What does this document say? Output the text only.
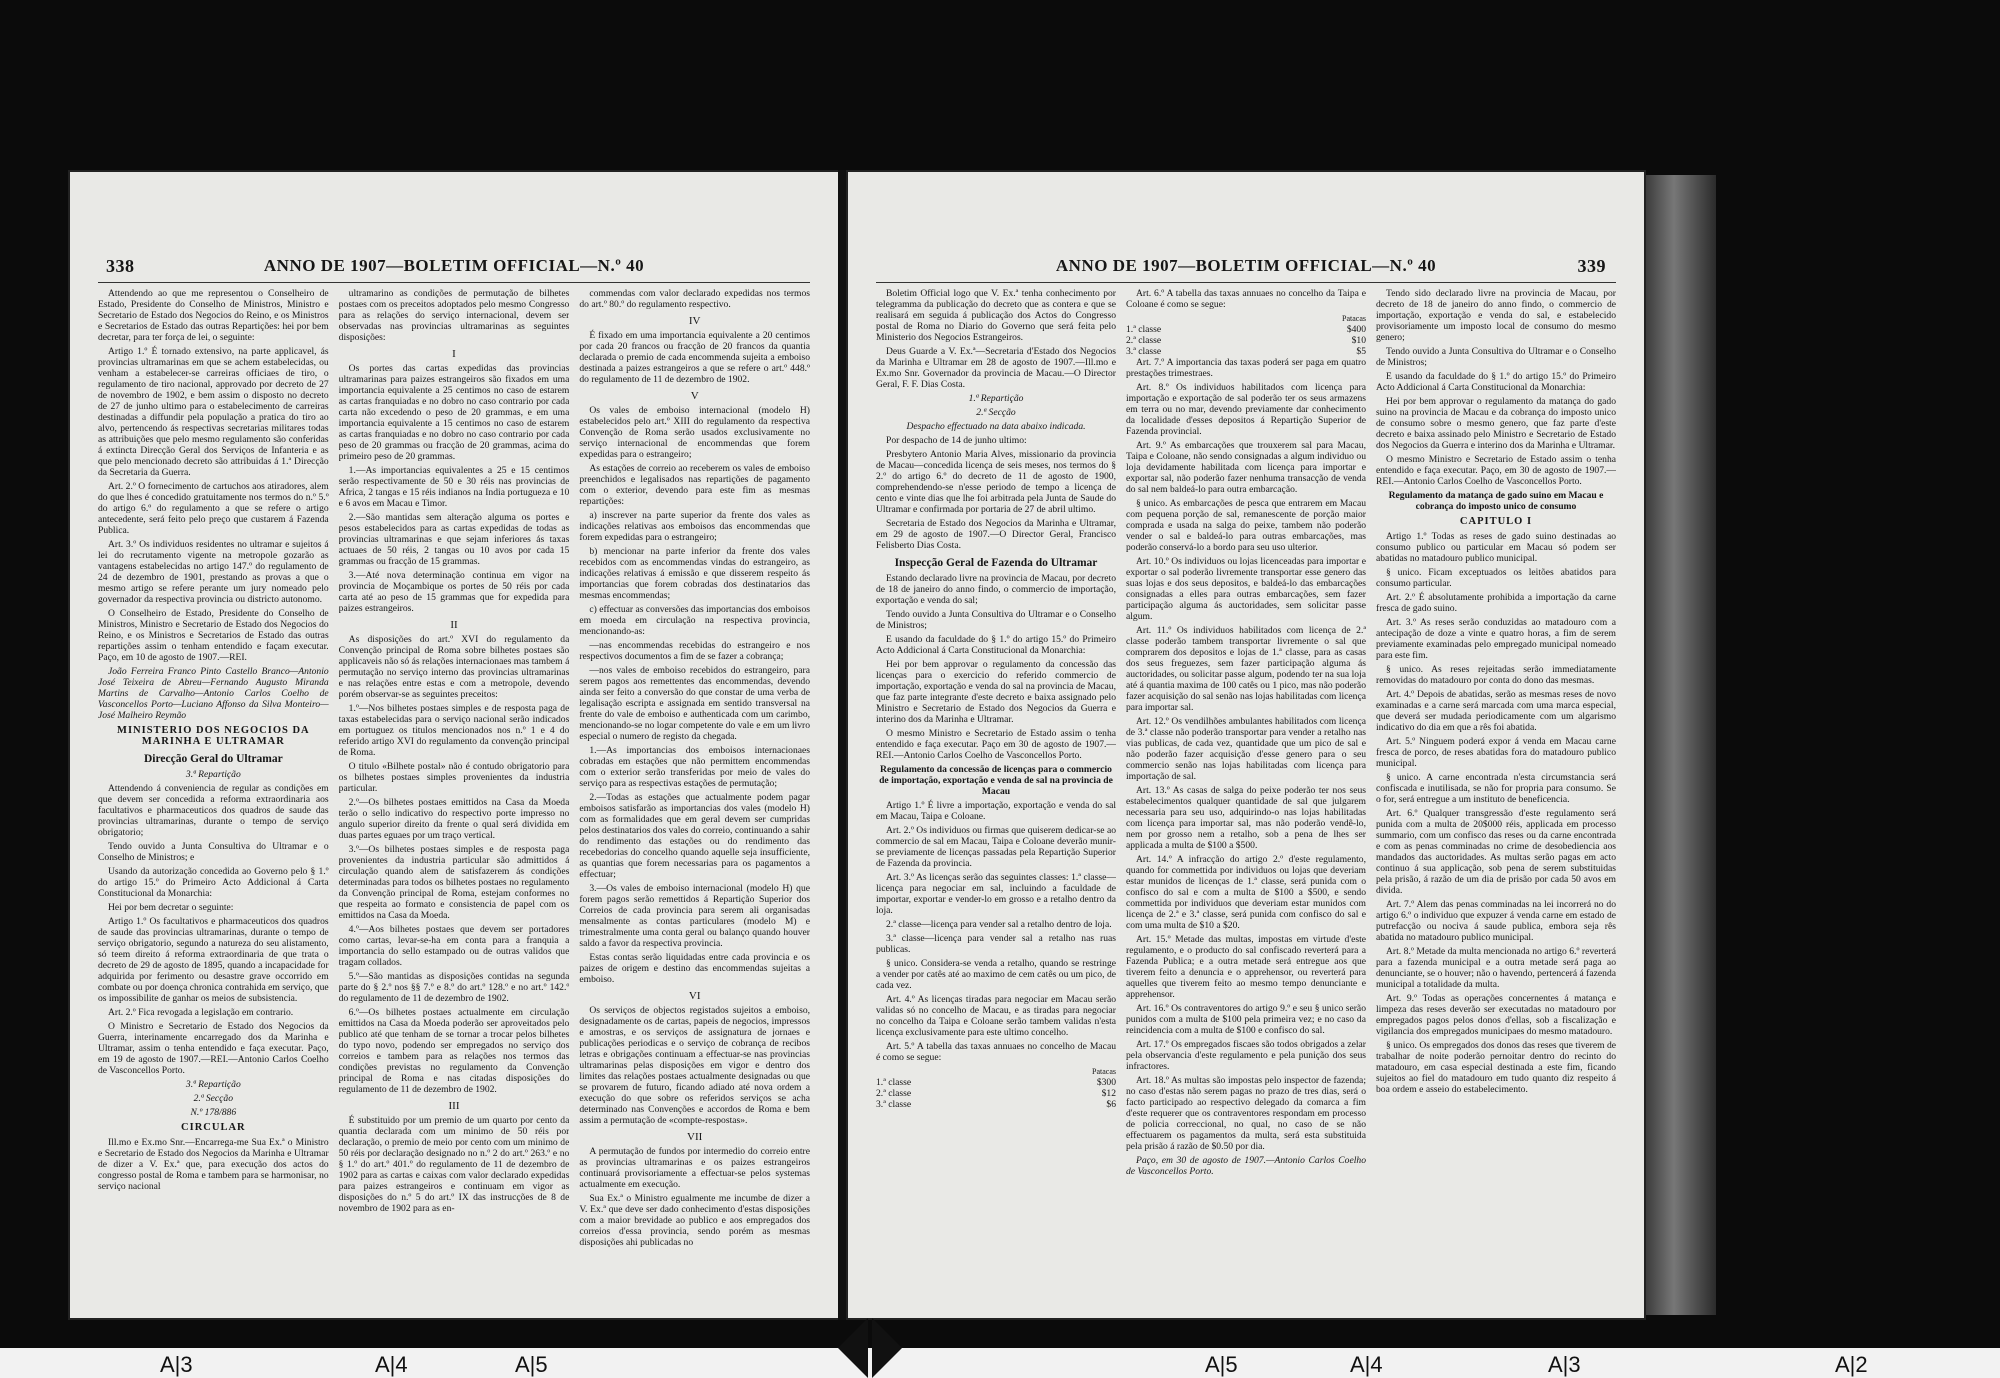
338	ANNO DE 1907—BOLETIM OFFICIAL—N.º 40

Attendendo ao que me representou o Conselheiro de Estado, Presidente do Conselho de Ministros, Ministro e Secretario de Estado dos Negocios do Reino, e os Ministros e Secretarios de Estado das outras Repartições: hei por bem decretar, para ter força de lei, o seguinte:

Artigo 1.º É tornado extensivo, na parte applicavel, ás provincias ultramarinas em que se achem estabelecidas, ou venham a estabelecer-se carreiras officiaes de tiro, o regulamento de tiro nacional, approvado por decreto de 27 de novembro de 1902, e bem assim o disposto no decreto de 27 de junho ultimo para o estabelecimento de carreiras destinadas a diffundir pela população a pratica do tiro ao alvo, pertencendo ás respectivas secretarias militares todas as attribuições que pelo mesmo regulamento são conferidas á extincta Direcção Geral dos Serviços de Infanteria e as que pelo mencionado decreto são attribuidas á 1.ª Direcção da Secretaria da Guerra.

Art. 2.º O fornecimento de cartuchos aos atiradores, alem do que lhes é concedido gratuitamente nos termos do n.º 5.º do artigo 6.º do regulamento a que se refere o artigo antecedente, será feito pelo preço que custarem á Fazenda Publica.

Art. 3.º Os individuos residentes no ultramar e sujeitos á lei do recrutamento vigente na metropole gozarão as vantagens estabelecidas no artigo 147.º do regulamento de 24 de dezembro de 1901, prestando as provas a que o mesmo artigo se refere perante um jury nomeado pelo governador da respectiva provincia ou districto autonomo.

O Conselheiro de Estado, Presidente do Conselho de Ministros, Ministro e Secretario de Estado dos Negocios do Reino, e os Ministros e Secretarios de Estado das outras repartições assim o tenham entendido e façam executar. Paço, em 10 de agosto de 1907.—REI.

João Ferreira Franco Pinto Castello Branco—Antonio José Teixeira de Abreu—Fernando Augusto Miranda Martins de Carvalho—Antonio Carlos Coelho de Vasconcellos Porto—Luciano Affonso da Silva Monteiro—José Malheiro Reymão

MINISTERIO DOS NEGOCIOS DA MARINHA E ULTRAMAR
Direcção Geral do Ultramar
3.ª Repartição

Attendendo á conveniencia de regular as condições em que devem ser concedida a reforma extraordinaria aos facultativos e pharmaceuticos dos quadros de saude das provincias ultramarinas, durante o tempo de serviço obrigatorio;

Tendo ouvido a Junta Consultiva do Ultramar e o Conselho de Ministros; e

Usando da autorização concedida ao Governo pelo § 1.º do artigo 15.º do Primeiro Acto Addicional á Carta Constitucional da Monarchia:

Hei por bem decretar o seguinte:

Artigo 1.º Os facultativos e pharmaceuticos dos quadros de saude das provincias ultramarinas, durante o tempo de serviço obrigatorio, segundo a natureza do seu alistamento, só teem direito á reforma extraordinaria de que trata o decreto de 29 de agosto de 1895, quando a incapacidade for adquirida por ferimento ou desastre grave occorrido em combate ou por doença chronica contrahida em serviço, que os impossibilite de ganhar os meios de subsistencia.

Art. 2.º Fica revogada a legislação em contrario.

O Ministro e Secretario de Estado dos Negocios da Guerra, interinamente encarregado dos da Marinha e Ultramar, assim o tenha entendido e faça executar. Paço, em 19 de agosto de 1907.—REI.—Antonio Carlos Coelho de Vasconcellos Porto.

3.ª Repartição
2.ª Secção
N.º 178/886
CIRCULAR

Ill.mo e Ex.mo Snr.—Encarrega-me Sua Ex.ª o Ministro e Secretario de Estado dos Negocios da Marinha e Ultramar de dizer a V. Ex.ª que, para execução dos actos do congresso postal de Roma e tambem para se harmonisar, no serviço nacional

ultramarino as condições de permutação de bilhetes postaes com os preceitos adoptados pelo mesmo Congresso para as relações do serviço internacional, devem ser observadas nas provincias ultramarinas as seguintes disposições:

I

Os portes das cartas expedidas das provincias ultramarinas para paizes estrangeiros são fixados em uma importancia equivalente a 25 centimos no caso de estarem as cartas franquiadas e no dobro no caso contrario por cada carta não excedendo o peso de 20 grammas, e em uma importancia equivalente a 15 centimos no caso de estarem as cartas franquiadas e no dobro no caso contrario por cada peso de 20 grammas ou fracção de 20 grammas, acima do primeiro peso de 20 grammas.

1.—As importancias equivalentes a 25 e 15 centimos serão respectivamente de 50 e 30 réis nas provincias de Africa, 2 tangas e 15 réis indianos na India portugueza e 10 e 6 avos em Macau e Timor.

2.—São mantidas sem alteração alguma os portes e pesos estabelecidos para as cartas expedidas de todas as provincias ultramarinas e que sejam inferiores ás taxas actuaes de 50 réis, 2 tangas ou 10 avos por cada 15 grammas ou fracção de 15 grammas.

3.—Até nova determinação continua em vigor na provincia de Moçambique os portes de 50 réis por cada carta até ao peso de 15 grammas que for expedida para paizes estrangeiros.

II

As disposições do art.º XVI do regulamento da Convenção principal de Roma sobre bilhetes postaes são applicaveis não só ás relações internacionaes mas tambem á permutação no serviço interno das provincias ultramarinas e nas relações entre estas e com a metropole, devendo porém observar-se as seguintes preceitos:

1.º—Nos bilhetes postaes simples e de resposta paga de taxas estabelecidas para o serviço nacional serão indicados em portuguez os titulos mencionados nos n.º 1 e 4 do referido artigo XVI do regulamento da convenção principal de Roma.

O titulo «Bilhete postal» não é contudo obrigatorio para os bilhetes postaes simples provenientes da industria particular.

2.º—Os bilhetes postaes emittidos na Casa da Moeda terão o sello indicativo do respectivo porte impresso no angulo superior direito da frente o qual será dividida em duas partes eguaes por um traço vertical.

3.º—Os bilhetes postaes simples e de resposta paga provenientes da industria particular são admittidos á circulação quando alem de satisfazerem ás condições determinadas para todos os bilhetes postaes no regulamento da Convenção principal de Roma, estejam conformes no que respeita ao formato e consistencia de papel com os emittidos na Casa da Moeda.

4.º—Aos bilhetes postaes que devem ser portadores como cartas, levar-se-ha em conta para a franquia a importancia do sello estampado ou de outras validos que tragam collados.

5.º—São mantidas as disposições contidas na segunda parte do § 2.º nos §§ 7.º e 8.º do art.º 128.º e no art.º 142.º do regulamento de 11 de dezembro de 1902.

6.º—Os bilhetes postaes actualmente em circulação emittidos na Casa da Moeda poderão ser aproveitados pelo publico até que tenham de se tornar a trocar pelos bilhetes do typo novo, podendo ser empregados no serviço dos correios e tambem para as relações nos termos das condições previstas no regulamento da Convenção principal de Roma e nas citadas disposições do regulamento de 11 de dezembro de 1902.

III

É substituido por um premio de um quarto por cento da quantia declarada com um minimo de 50 réis por declaração, o premio de meio por cento com um minimo de 50 réis por declaração designado no n.º 2 do art.º 263.º e no § 1.º do art.º 401.º do regulamento de 11 de dezembro de 1902 para as cartas e caixas com valor declarado expedidas para paizes estrangeiros e continuam em vigor as disposições do n.º 5 do art.º IX das instrucções de 8 de novembro de 1902 para as en-

commendas com valor declarado expedidas nos termos do art.º 80.º do regulamento respectivo.

IV

É fixado em uma importancia equivalente a 20 centimos por cada 20 francos ou fracção de 20 francos da quantia declarada o premio de cada encommenda sujeita a emboiso destinada a paizes estrangeiros a que se refere o art.º 448.º do regulamento de 11 de dezembro de 1902.

V

Os vales de emboiso internacional (modelo H) estabelecidos pelo art.º XIII do regulamento da respectiva Convenção de Roma serão usados exclusivamente no serviço internacional de encommendas que forem expedidas para o estrangeiro;

As estações de correio ao receberem os vales de emboiso preenchidos e legalisados nas repartições de pagamento com o exterior, devendo para este fim as mesmas repartições:

a) inscrever na parte superior da frente dos vales as indicações relativas aos emboisos das encommendas que forem expedidas para o estrangeiro;

b) mencionar na parte inferior da frente dos vales recebidos com as encommendas vindas do estrangeiro, as indicações relativas á emissão e que disserem respeito ás importancias que forem cobradas dos destinatarios das mesmas encommendas;

c) effectuar as conversões das importancias dos emboisos em moeda em circulação na respectiva provincia, mencionando-as:

—nas encommendas recebidas do estrangeiro e nos respectivos documentos a fim de se fazer a cobrança;

—nos vales de emboiso recebidos do estrangeiro, para serem pagos aos remettentes das encommendas, devendo ainda ser feito a conversão do que constar de uma verba de legalisação escripta e assignada em sentido transversal na frente do vale de emboiso e authenticada com um carimbo, mencionando-se no logar competente do vale e em um livro especial o numero de registo da chegada.

1.—As importancias dos emboisos internacionaes cobradas em estações que não permittem encommendas com o exterior serão transferidas por meio de vales do serviço para as respectivas estações de permutação;

2.—Todas as estações que actualmente podem pagar emboisos satisfarão as importancias dos vales (modelo H) com as formalidades que em geral devem ser cumpridas pelos destinatarios dos vales do correio, continuando a sahir do rendimento das estações ou do rendimento das recebedorias do concelho quando aquelle seja insufficiente, as quantias que forem necessarias para os pagamentos a effectuar;

3.—Os vales de emboiso internacional (modelo H) que forem pagos serão remettidos á Repartição Superior dos Correios de cada provincia para serem ali organisadas mensalmente as contas particulares (modelo M) e trimestralmente uma conta geral ou balanço quando houver saldo a favor da respectiva provincia.

Estas contas serão liquidadas entre cada provincia e os paizes de origem e destino das encommendas sujeitas a emboiso.

VI

Os serviços de objectos registados sujeitos a emboiso, designadamente os de cartas, papeis de negocios, impressos e amostras, e os serviços de assignatura de jornaes e publicações periodicas e o serviço de cobrança de recibos letras e obrigações continuam a effectuar-se nas provincias ultramarinas pelas disposições em vigor e dentro dos limites das relações postaes actualmente designadas ou que se provarem de futuro, ficando adiado até nova ordem a execução do que sobre os referidos serviços se acha determinado nas Convenções e accordos de Roma e bem assim a permutação de «compte-respostas».

VII

A permutação de fundos por intermedio do correio entre as provincias ultramarinas e os paizes estrangeiros continuará provisoriamente a effectuar-se pelos systemas actualmente em execução.

Sua Ex.ª o Ministro egualmente me incumbe de dizer a V. Ex.ª que deve ser dado conhecimento d'estas disposições com a maior brevidade ao publico e aos empregados dos correios d'essa provincia, sendo porém as mesmas disposições ahi publicadas no

ANNO DE 1907—BOLETIM OFFICIAL—N.º 40	339

Boletim Official logo que V. Ex.ª tenha conhecimento por telegramma da publicação do decreto que as contera e que se realisará em seguida á publicação dos Actos do Congresso postal de Roma no Diario do Governo que será feita pelo Ministerio dos Negocios Estrangeiros.

Deus Guarde a V. Ex.ª—Secretaria d'Estado dos Negocios da Marinha e Ultramar em 28 de agosto de 1907.—Ill.mo e Ex.mo Snr. Governador da provincia de Macau.—O Director Geral, F. F. Dias Costa.

1.ª Repartição
2.ª Secção
Despacho effectuado na data abaixo indicada.

Por despacho de 14 de junho ultimo:

Presbytero Antonio Maria Alves, missionario da provincia de Macau—concedida licença de seis meses, nos termos do § 2.º do artigo 6.º do decreto de 11 de agosto de 1900, comprehendendo-se n'esse periodo de tempo a licença de cento e vinte dias que lhe foi arbitrada pela Junta de Saude do Ultramar e confirmada por portaria de 27 de abril ultimo.

Secretaria de Estado dos Negocios da Marinha e Ultramar, em 29 de agosto de 1907.—O Director Geral, Francisco Felisberto Dias Costa.

Inspecção Geral de Fazenda do Ultramar

Estando declarado livre na provincia de Macau, por decreto de 18 de janeiro do anno findo, o commercio de importação, exportação e venda do sal;

Tendo ouvido a Junta Consultiva do Ultramar e o Conselho de Ministros;

E usando da faculdade do § 1.º do artigo 15.º do Primeiro Acto Addicional á Carta Constitucional da Monarchia:

Hei por bem approvar o regulamento da concessão das licenças para o exercicio do referido commercio de importação, exportação e venda do sal na provincia de Macau, que faz parte integrante d'este decreto e baixa assignado pelo Ministro e Secretario de Estado dos Negocios da Guerra e interino dos da Marinha e Ultramar.

O mesmo Ministro e Secretario de Estado assim o tenha entendido e faça executar. Paço em 30 de agosto de 1907.—REI.—Antonio Carlos Coelho de Vasconcellos Porto.

Regulamento da concessão de licenças para o commercio de importação, exportação e venda de sal na provincia de Macau

Artigo 1.º É livre a importação, exportação e venda do sal em Macau, Taipa e Coloane.

Art. 2.º Os individuos ou firmas que quiserem dedicar-se ao commercio de sal em Macau, Taipa e Coloane deverão munir-se previamente de licenças passadas pela Repartição Superior de Fazenda da provincia.

Art. 3.º As licenças serão das seguintes classes: 1.ª classe—licença para negociar em sal, incluindo a faculdade de importar, exportar e vender-lo em grosso e a retalho dentro da loja.

2.ª classe—licença para vender sal a retalho dentro de loja.

3.ª classe—licença para vender sal a retalho nas ruas publicas.

§ unico. Considera-se venda a retalho, quando se restringe a vender por catês até ao maximo de cem catês ou um pico, de cada vez.

Art. 4.º As licenças tiradas para negociar em Macau serão validas só no concelho de Macau, e as tiradas para negociar no concelho da Taipa e Coloane serão tambem validas n'esta licença exclusivamente para este ultimo concelho.

Art. 5.º A tabella das taxas annuaes no concelho de Macau é como se segue:

Patacas
1.ª classe	$300
2.ª classe	$12
3.ª classe	$6

Art. 6.º A tabella das taxas annuaes no concelho da Taipa e Coloane é como se segue:

Patacas
1.ª classe	$400
2.ª classe	$10
3.ª classe	$5

Art. 7.º A importancia das taxas poderá ser paga em quatro prestações trimestraes.

Art. 8.º Os individuos habilitados com licença para importação e exportação de sal poderão ter os seus armazens em terra ou no mar, devendo previamente dar conhecimento da localidade d'esses depositos á Repartição Superior de Fazenda provincial.

Art. 9.º As embarcações que trouxerem sal para Macau, Taipa e Coloane, não sendo consignadas a algum individuo ou loja devidamente habilitada com licença para importar e exportar sal, não poderão fazer nenhuma transacção de venda do sal nem baldeá-lo para outra embarcação.

§ unico. As embarcações de pesca que entrarem em Macau com pequena porção de sal, remanescente de porção maior comprada e usada na salga do peixe, tambem não poderão vender o sal e baldeá-lo para outras embarcações, mas poderão conservá-lo a bordo para seu uso ulterior.

Art. 10.º Os individuos ou lojas licenceadas para importar e exportar o sal poderão livremente transportar esse genero das suas lojas e dos seus depositos, e baldeá-lo das embarcações consignadas a elles para outras embarcações, sem fazer participação alguma ás auctoridades, sem solicitar passe algum.

Art. 11.º Os individuos habilitados com licença de 2.ª classe poderão tambem transportar livremente o sal que comprarem dos depositos e lojas de 1.ª classe, para as casas dos seus freguezes, sem fazer participação alguma ás auctoridades, ou solicitar passe algum, podendo ter na sua loja até á quantia maxima de 100 catês ou 1 pico, mas não poderão fazer acquisição do sal senão nas lojas habilitadas com licença para importar sal.

Art. 12.º Os vendilhões ambulantes habilitados com licença de 3.ª classe não poderão transportar para vender a retalho nas vias publicas, de cada vez, quantidade que um pico de sal e não poderão fazer acquisição d'esse genero para o seu commercio senão nas lojas habilitadas com licença para importação de sal.

Art. 13.º As casas de salga do peixe poderão ter nos seus estabelecimentos qualquer quantidade de sal que julgarem necessaria para seu uso, adquirindo-o nas lojas habilitadas com licença para importar sal, mas não poderão vendê-lo, nem por grosso nem a retalho, sob a pena de lhes ser applicada a multa de $100 a $500.

Art. 14.º A infracção do artigo 2.º d'este regulamento, quando for commettida por individuos ou lojas que deveriam estar munidos de licenças de 1.ª classe, será punida com o confisco do sal e com a multa de $100 a $500, e sendo commettida por individuos que deveriam estar munidos com licença de 2.ª e 3.ª classe, será punida com confisco do sal e com uma multa de $10 a $20.

Art. 15.º Metade das multas, impostas em virtude d'este regulamento, e o producto do sal confiscado reverterá para a Fazenda Publica; e a outra metade será entregue aos que tiverem feito a denuncia e o apprehensor, ou reverterá para aquelles que tiverem feito ao mesmo tempo denunciante e apprehensor.

Art. 16.º Os contraventores do artigo 9.º e seu § unico serão punidos com a multa de $100 pela primeira vez; e no caso da reincidencia com a multa de $100 e confisco do sal.

Art. 17.º Os empregados fiscaes são todos obrigados a zelar pela observancia d'este regulamento e pela punição dos seus infractores.

Art. 18.º As multas são impostas pelo inspector de fazenda; no caso d'estas não serem pagas no prazo de tres dias, será o facto participado ao respectivo delegado da comarca a fim d'este requerer que os contraventores respondam em processo de policia correccional, no qual, no caso de se não effectuarem os pagamentos da multa, será esta substituida pela prisão á razão de $0.50 por dia.

Paço, em 30 de agosto de 1907.—Antonio Carlos Coelho de Vasconcellos Porto.

Tendo sido declarado livre na provincia de Macau, por decreto de 18 de janeiro do anno findo, o commercio de importação, exportação e venda do sal, e estabelecido provisoriamente um imposto local de consumo do mesmo genero;

Tendo ouvido a Junta Consultiva do Ultramar e o Conselho de Ministros;

E usando da faculdade do § 1.º do artigo 15.º do Primeiro Acto Addicional á Carta Constitucional da Monarchia:

Hei por bem approvar o regulamento da matança do gado suino na provincia de Macau e da cobrança do imposto unico de consumo sobre o mesmo genero, que faz parte d'este decreto e baixa assinado pelo Ministro e Secretario de Estado dos Negocios da Guerra e interino dos da Marinha e Ultramar.

O mesmo Ministro e Secretario de Estado assim o tenha entendido e faça executar. Paço, em 30 de agosto de 1907.—REI.—Antonio Carlos Coelho de Vasconcellos Porto.

Regulamento da matança de gado suino em Macau e cobrança do imposto unico de consumo
CAPITULO I

Artigo 1.º Todas as reses de gado suino destinadas ao consumo publico ou particular em Macau só podem ser abatidas no matadouro publico municipal.

§ unico. Ficam exceptuados os leitões abatidos para consumo particular.

Art. 2.º É absolutamente prohibida a importação da carne fresca de gado suino.

Art. 3.º As reses serão conduzidas ao matadouro com a antecipação de doze a vinte e quatro horas, a fim de serem previamente examinadas pelo empregado municipal nomeado para este fim.

§ unico. As reses rejeitadas serão immediatamente removidas do matadouro por conta do dono das mesmas.

Art. 4.º Depois de abatidas, serão as mesmas reses de novo examinadas e a carne será marcada com uma marca especial, que deverá ser mudada periodicamente com um algarismo indicativo do dia em que a rês foi abatida.

Art. 5.º Ninguem poderá expor á venda em Macau carne fresca de porco, de reses abatidas fora do matadouro publico municipal.

§ unico. A carne encontrada n'esta circumstancia será confiscada e inutilisada, se não for propria para consumo. Se o for, será entregue a um instituto de beneficencia.

Art. 6.º Qualquer transgressão d'este regulamento será punida com a multa de 20$000 réis, applicada em processo summario, com um confisco das reses ou da carne encontrada e com as penas comminadas no crime de desobediencia aos mandados das auctoridades. As multas serão pagas em acto continuo á sua applicação, sob pena de serem substituidas pela prisão, á razão de um dia de prisão por cada 50 avos em divida.

Art. 7.º Alem das penas comminadas na lei incorrerá no do artigo 6.º o individuo que expuzer á venda carne em estado de putrefacção ou nociva á saude publica, embora seja rês abatida no matadouro publico municipal.

Art. 8.º Metade da multa mencionada no artigo 6.º reverterá para a fazenda municipal e a outra metade será paga ao denunciante, se o houver; não o havendo, pertencerá á fazenda municipal a totalidade da multa.

Art. 9.º Todas as operações concernentes á matança e limpeza das reses deverão ser executadas no matadouro por empregados pagos pelos donos d'ellas, sob a fiscalização e vigilancia dos empregados municipaes do mesmo matadouro.

§ unico. Os empregados dos donos das reses que tiverem de trabalhar de noite poderão pernoitar dentro do recinto do matadouro, em casa especial destinada a este fim, ficando sujeitos ao fiel do matadouro em tudo quanto diz respeito á boa ordem e asseio do estabelecimento.

A|3	A|4	A|5	A|5	A|4	A|3	A|2
